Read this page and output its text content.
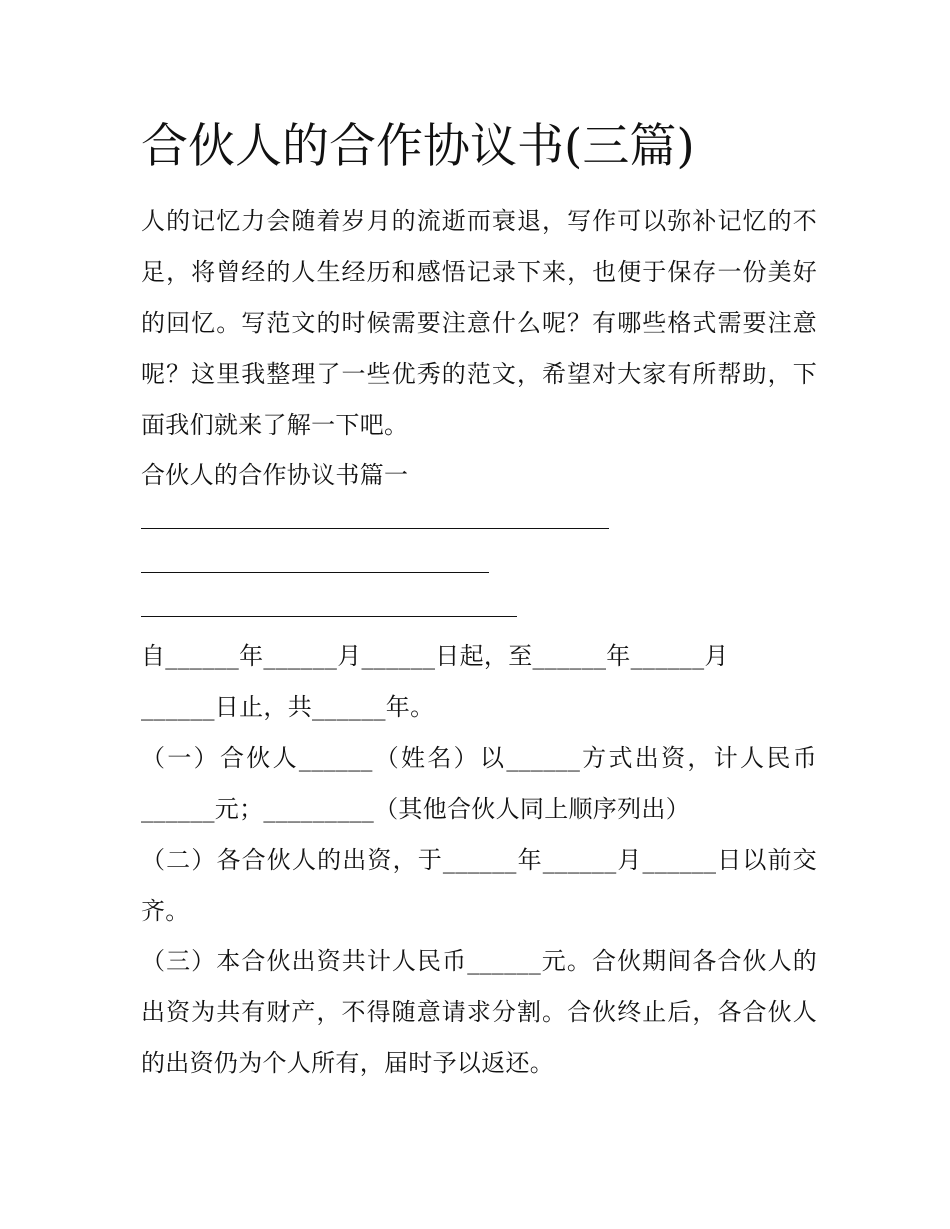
合伙人的合作协议书(三篇)
人的记忆力会随着岁月的流逝而衰退，写作可以弥补记忆的不足，将曾经的人生经历和感悟记录下来，也便于保存一份美好的回忆。写范文的时候需要注意什么呢？有哪些格式需要注意呢？这里我整理了一些优秀的范文，希望对大家有所帮助，下面我们就来了解一下吧。
合伙人的合作协议书篇一
自______年______月______日起，至______年______月
______日止，共______年。
（一）合伙人______（姓名）以______方式出资，计人民币______元；_________（其他合伙人同上顺序列出）
（二）各合伙人的出资，于______年______月______日以前交齐。
（三）本合伙出资共计人民币______元。合伙期间各合伙人的出资为共有财产，不得随意请求分割。合伙终止后，各合伙人的出资仍为个人所有，届时予以返还。
